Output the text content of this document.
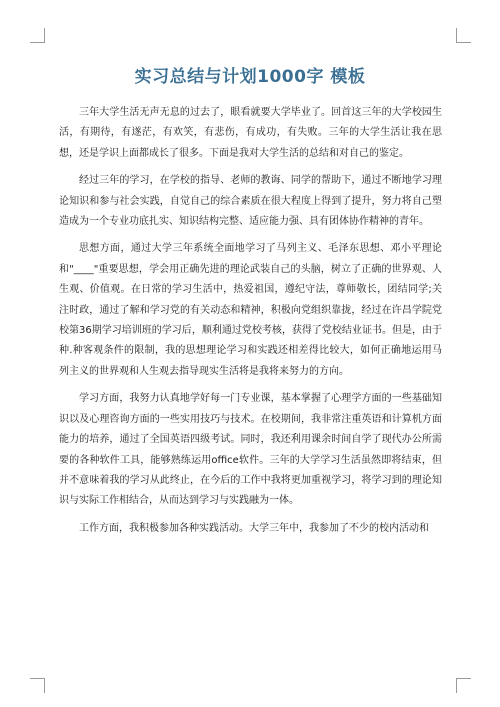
实习总结与计划1000字 模板

三年大学生活无声无息的过去了，眼看就要大学毕业了。回首这三年的大学校园生活，有期待，有遂茫，有欢笑，有悲伤，有成功，有失败。三年的大学生活让我在思想，还是学识上面都成长了很多。下面是我对大学生活的总结和对自己的鉴定。

经过三年的学习，在学校的指导、老师的教诲、同学的帮助下，通过不断地学习理论知识和参与社会实践，自觉自己的综合素质在很大程度上得到了提升，努力将自己塑造成为一个专业功底扎实、知识结构完整、适应能力强、具有团体协作精神的青年。

思想方面，通过大学三年系统全面地学习了马列主义、毛泽东思想、邓小平理论和"____"重要思想，学会用正确先进的理论武装自己的头脑，树立了正确的世界观、人生观、价值观。在日常的学习生活中，热爱祖国，遵纪守法，尊师敬长，团结同学;关注时政，通过了解和学习党的有关动态和精神，积极向党组织靠拢，经过在许昌学院党校第36期学习培训班的学习后，顺利通过党校考核，获得了党校结业证书。但是，由于种.种客观条件的限制，我的思想理论学习和实践还相差得比较大，如何正确地运用马列主义的世界观和人生观去指导现实生活将是我将来努力的方向。

学习方面，我努力认真地学好每一门专业课，基本掌握了心理学方面的一些基础知识以及心理咨询方面的一些实用技巧与技术。在校期间，我非常注重英语和计算机方面能力的培养，通过了全国英语四级考试。同时，我还利用课余时间自学了现代办公所需要的各种软件工具，能够熟练运用office软件。三年的大学学习生活虽然即将结束，但并不意味着我的学习从此终止，在今后的工作中我将更加重视学习，将学习到的理论知识与实际工作相结合，从而达到学习与实践融为一体。

工作方面，我积极参加各种实践活动。大学三年中，我参加了不少的校内活动和
